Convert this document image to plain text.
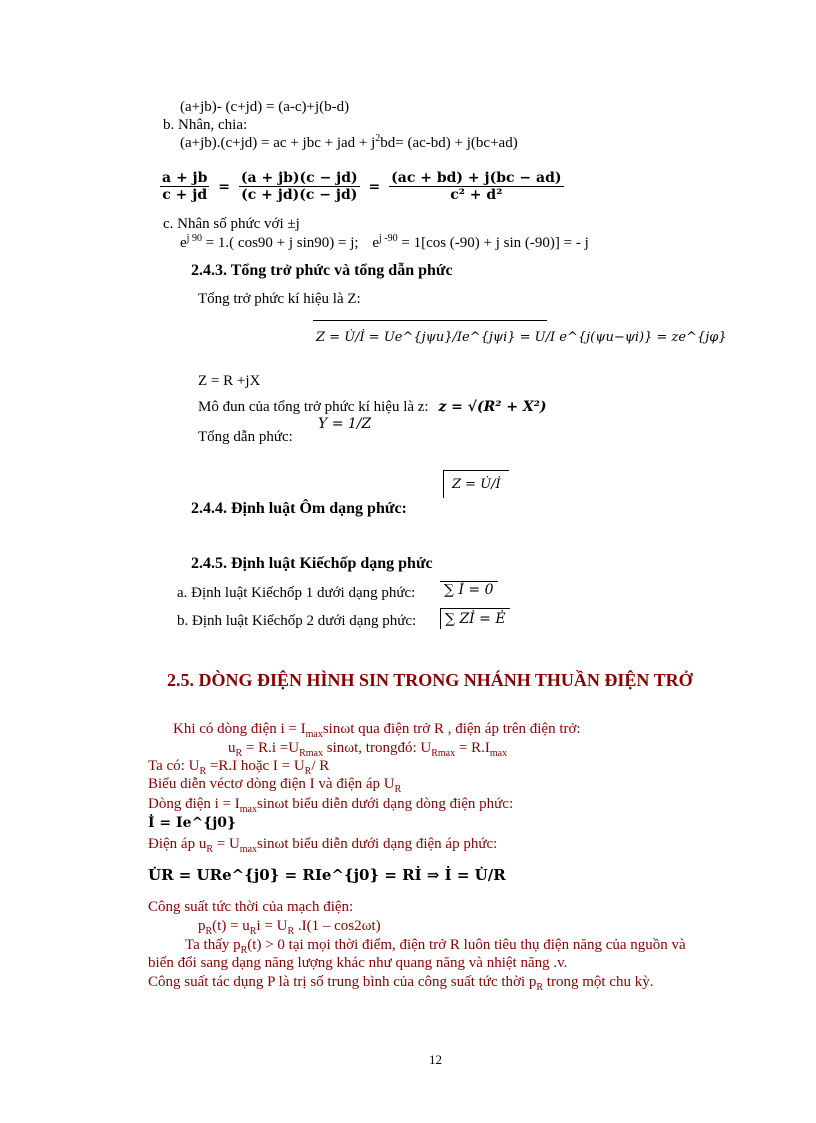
(a+jb)- (c+jd) = (a-c)+j(b-d)
b. Nhân, chia:
(a+jb).(c+jd) = ac + jbc + jad + $j^2bd= (ac-bd) + j(bc+ad)$
$\frac{a + jb}{c + jd} = \frac{(a + jb)(c - jd)}{(c + jd)(c - jd)} = \frac{(ac + bd) + j(bc - ad)}{\text{c² + d²}}$
c. Nhân số phức với ±j
$e^{j 90} = 1$.( cos90 + j sin90) = j; $e^{j -90} = 1[\cos$ (-90) + j sin (-90)] = - j
2.4.3. Tổng trở phức và tổng dẫn phức
Tổng trở phức kí hiệu là Z:
Z = U̇/İ = Ue^{jψu}/Ie^{jψi} = U/I e^{j(ψu−ψi)} = ze^{jφ}
Z = R +jX
Mô đun của tổng trở phức kí hiệu là z: z = √(R² + X²)
Tổng dẫn phức:
Y = 1/Z
2.4.4. Định luật Ôm dạng phức:
Z = U̇/İ
2.4.5. Định luật Kiếchốp dạng phức
a. Định luật Kiếchốp 1 dưới dạng phức: ∑ İ = 0
b. Định luật Kiếchốp 2 dưới dạng phức:	∑ Zİ = Ė
2.5. DÒNG ĐIỆN HÌNH SIN TRONG NHÁNH THUẦN ĐIỆN TRỞ
Khi có dòng điện $i = I_{max}\sin\omega t$ qua điện trở R , điện áp trên điện trở:
$u_R = R.i =U_{Rmax}$ sinωt, trongđó: $U_{Rmax} = R.I_{max}$
Ta có: $U_R =R.I$ hoặc $I = U_R/$ R
Biểu diễn véctơ dòng điện I và điện áp $U_R$
Dòng điện $i = I_{max}\sin\omega t$ biểu diễn dưới dạng dòng điện phức:
İ = Ie^{j0}
Điện áp $u_R = U_{max}\sin\omega t$ biểu diễn dưới dạng điện áp phức:
U̇R = URe^{j0} = RIe^{j0} = Rİ ⇒ İ = U̇/R
Công suất tức thời của mạch điện:
$p_R(t) = u_Ri = U_R$ .I(1 – cos2ωt)
Ta thấy $p_R(t) > 0$ tại mọi thời điểm, điện trở R luôn tiêu thụ điện năng của nguồn và
biến đổi sang dạng năng lượng khác như quang năng và nhiệt năng .v.
Công suất tác dụng P là trị số trung bình của công suất tức thời $p_R$ trong một chu kỳ.
12
